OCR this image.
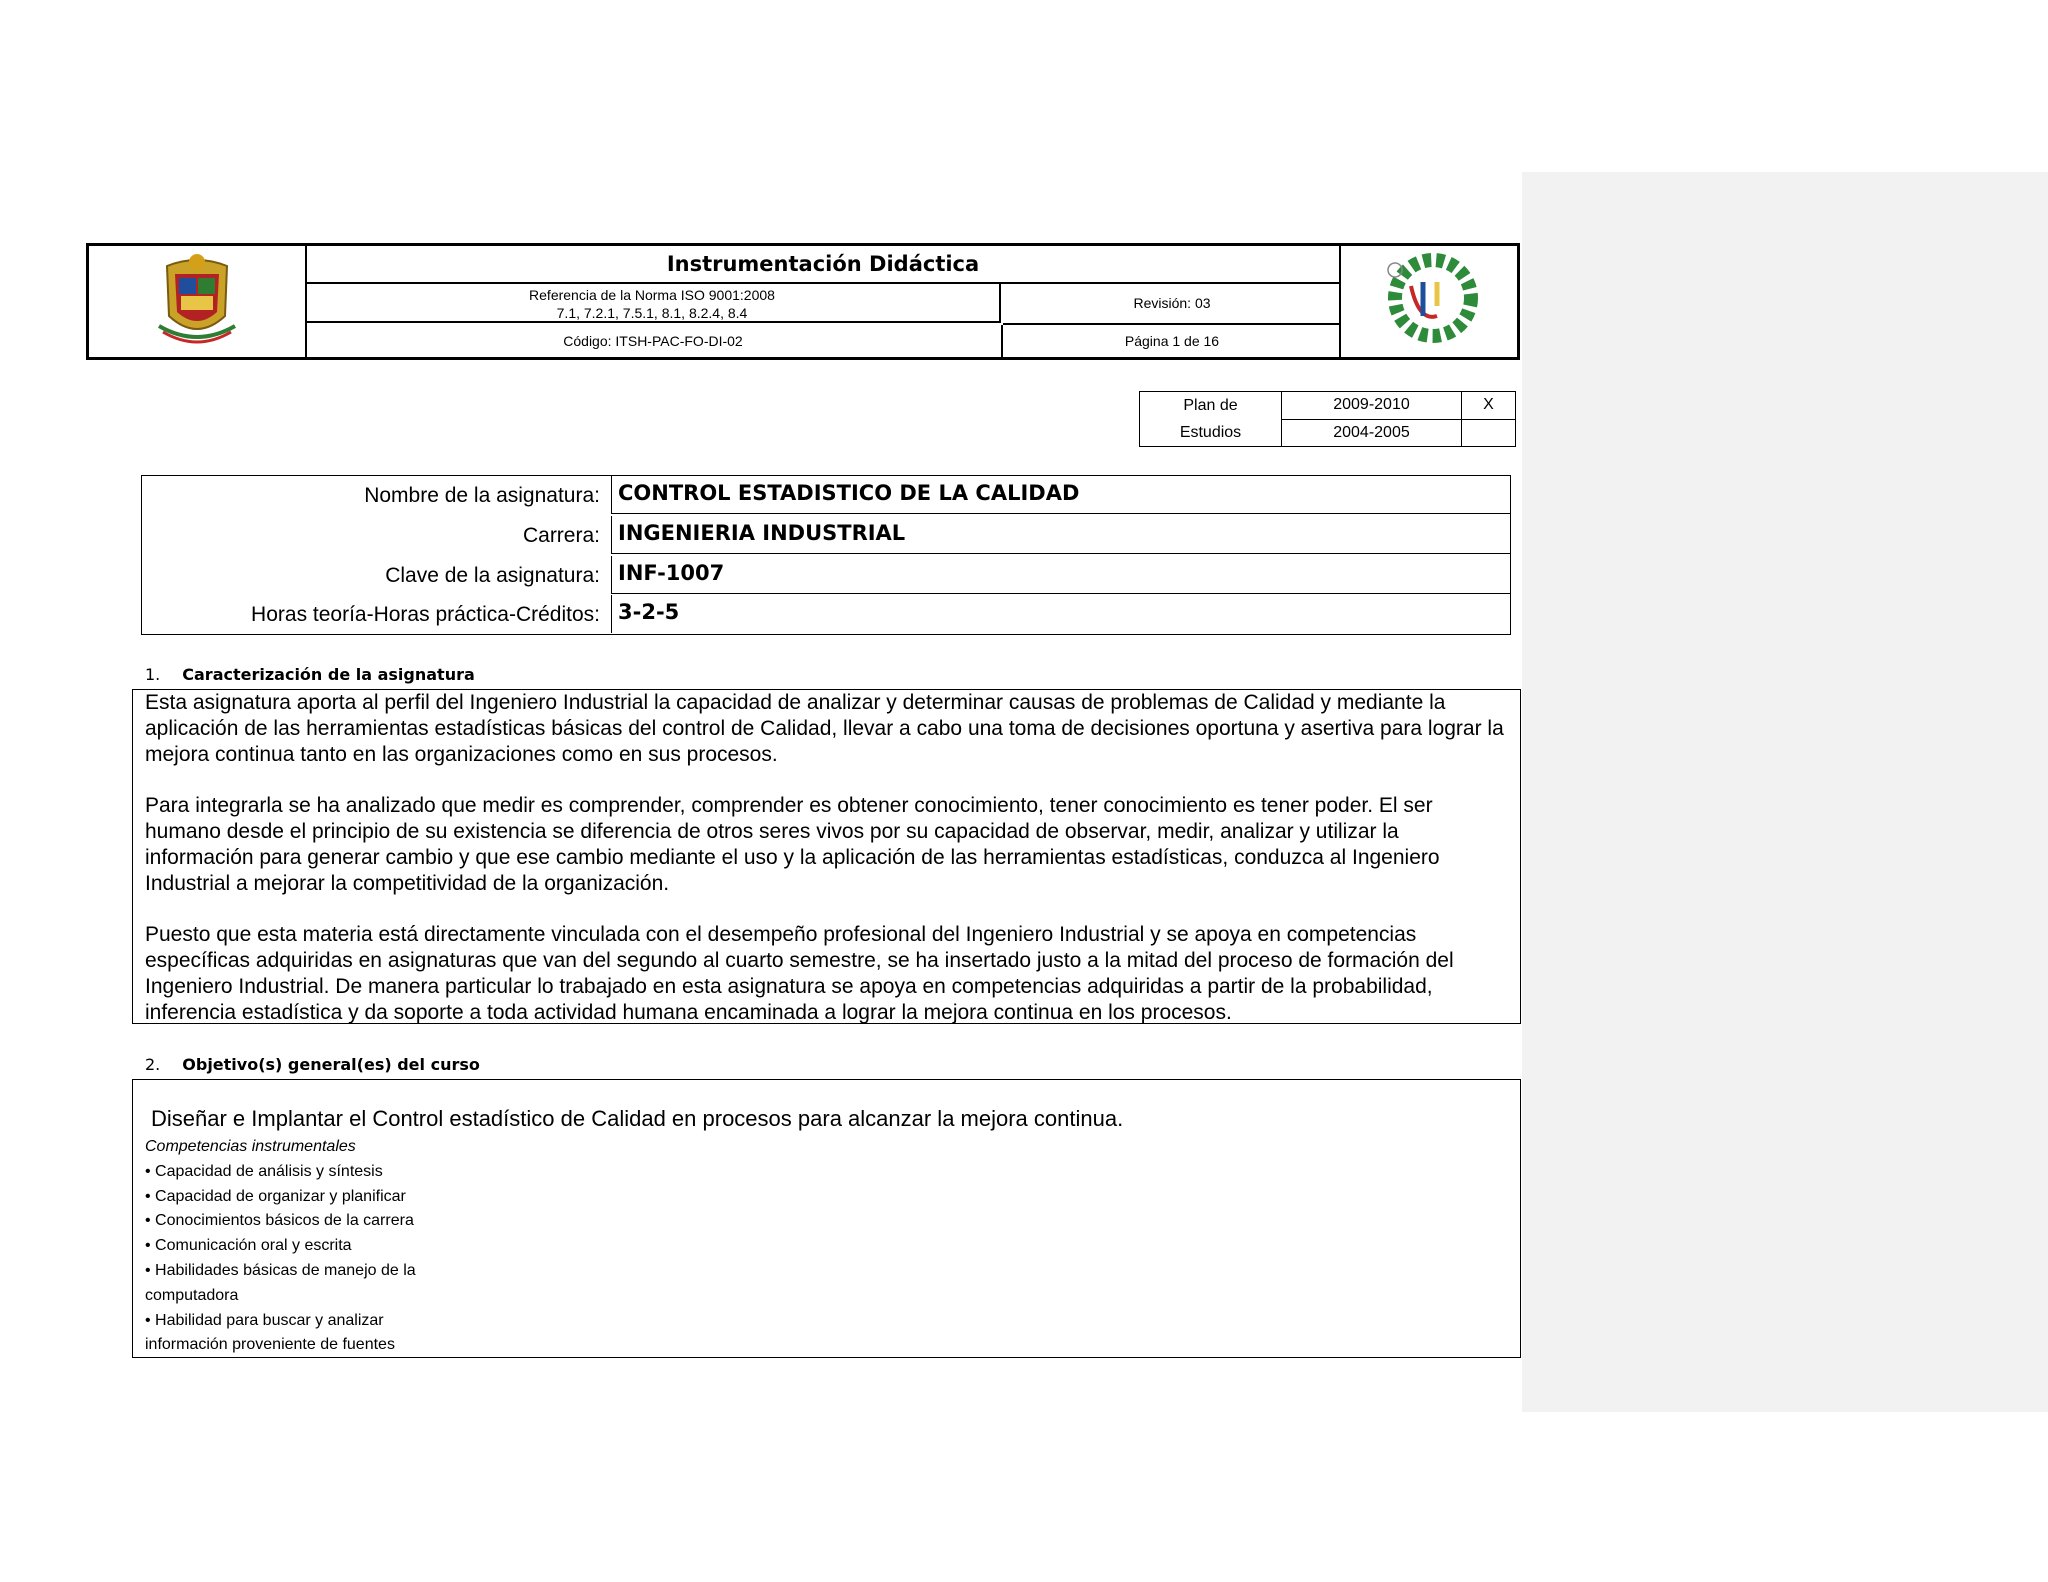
Instrumentación Didáctica
Referencia de la Norma ISO 9001:2008
7.1, 7.2.1, 7.5.1, 8.1, 8.2.4, 8.4
Revisión: 03
Código: ITSH-PAC-FO-DI-02	Página 1 de 16
Plan de
Estudios	2009-2010	X
	2004-2005	
Nombre de la asignatura: CONTROL ESTADISTICO DE LA CALIDAD
Carrera: INGENIERIA INDUSTRIAL
Clave de la asignatura: INF-1007
Horas teoría-Horas práctica-Créditos: 3-2-5
1. Caracterización de la asignatura

Esta asignatura aporta al perfil del Ingeniero Industrial la capacidad de analizar y determinar causas de problemas de Calidad y mediante la aplicación de las herramientas estadísticas básicas del control de Calidad, llevar a cabo una toma de decisiones oportuna y asertiva para lograr la mejora continua tanto en las organizaciones como en sus procesos.

Para integrarla se ha analizado que medir es comprender, comprender es obtener conocimiento, tener conocimiento es tener poder. El ser humano desde el principio de su existencia se diferencia de otros seres vivos por su capacidad de observar, medir, analizar y utilizar la información para generar cambio y que ese cambio mediante el uso y la aplicación de las herramientas estadísticas, conduzca al Ingeniero Industrial a mejorar la competitividad de la organización.

Puesto que esta materia está directamente vinculada con el desempeño profesional del Ingeniero Industrial y se apoya en competencias específicas adquiridas en asignaturas que van del segundo al cuarto semestre, se ha insertado justo a la mitad del proceso de formación del Ingeniero Industrial. De manera particular lo trabajado en esta asignatura se apoya en competencias adquiridas a partir de la probabilidad, inferencia estadística y da soporte a toda actividad humana encaminada a lograr la mejora continua en los procesos.

2. Objetivo(s) general(es) del curso
Diseñar e Implantar el Control estadístico de Calidad en procesos para alcanzar la mejora continua.
Competencias instrumentales
• Capacidad de análisis y síntesis
• Capacidad de organizar y planificar
• Conocimientos básicos de la carrera
• Comunicación oral y escrita
• Habilidades básicas de manejo de la
computadora
• Habilidad para buscar y analizar
información proveniente de fuentes
